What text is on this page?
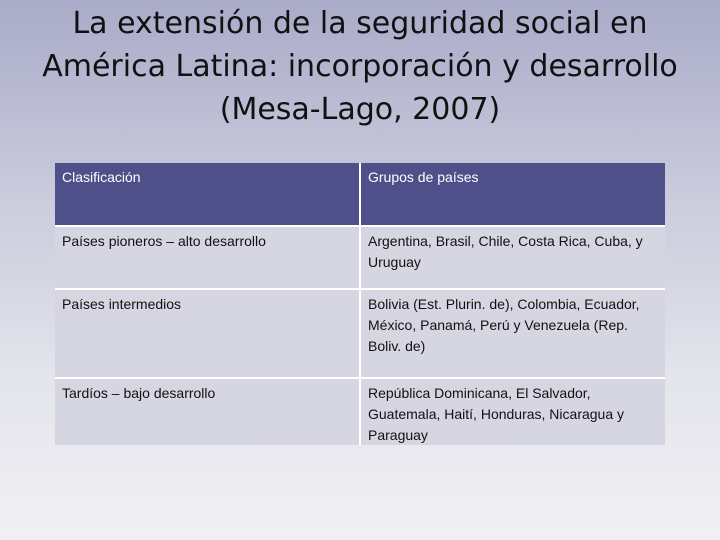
La extensión de la seguridad social en América Latina: incorporación y desarrollo (Mesa-Lago, 2007)
Clasificación	Grupos de países
Países pioneros – alto desarrollo	Argentina, Brasil, Chile, Costa Rica, Cuba, y Uruguay
Países intermedios	Bolivia (Est. Plurin. de), Colombia, Ecuador, México, Panamá, Perú y Venezuela (Rep. Boliv. de)
Tardíos – bajo desarrollo	República Dominicana, El Salvador, Guatemala, Haití, Honduras, Nicaragua y Paraguay
